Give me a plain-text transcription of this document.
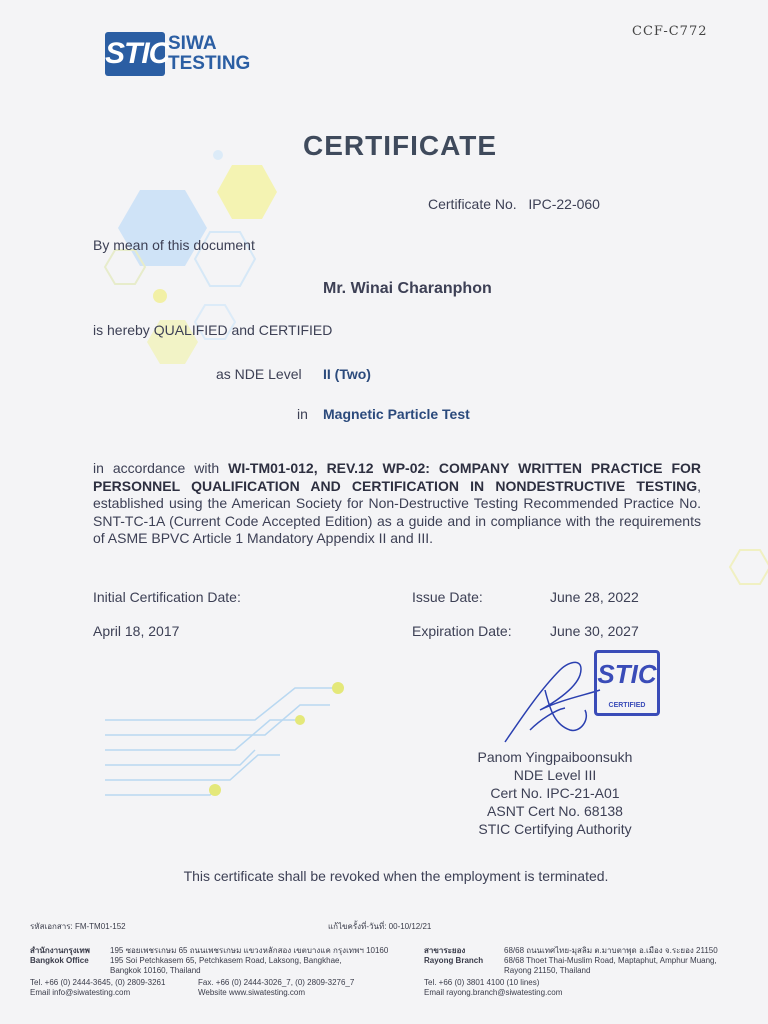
STIC
SIWA
TESTING
CCF-C772
CERTIFICATE
Certificate No. IPC-22-060
By mean of this document
Mr. Winai Charanphon
is hereby QUALIFIED and CERTIFIED
as NDE Level II (Two)
in Magnetic Particle Test
in accordance with WI-TM01-012, REV.12 WP-02: COMPANY WRITTEN PRACTICE FOR PERSONNEL QUALIFICATION AND CERTIFICATION IN NONDESTRUCTIVE TESTING, established using the American Society for Non-Destructive Testing Recommended Practice No. SNT-TC-1A (Current Code Accepted Edition) as a guide and in compliance with the requirements of ASME BPVC Article 1 Mandatory Appendix II and III.
Initial Certification Date:
April 18, 2017
Issue Date:	June 28, 2022
Expiration Date:	June 30, 2027
STIC
CERTIFIED
Panom Yingpaiboonsukh
NDE Level III
Cert No. IPC-21-A01
ASNT Cert No. 68138
STIC Certifying Authority
This certificate shall be revoked when the employment is terminated.
รหัสเอกสาร: FM-TM01-152	แก้ไขครั้งที่-วันที่: 00-10/12/21
สำนักงานกรุงเทพ
Bangkok Office
195 ซอยเพชรเกษม 65 ถนนเพชรเกษม แขวงหลักสอง เขตบางแค กรุงเทพฯ 10160
195 Soi Petchkasem 65, Petchkasem Road, Laksong, Bangkhae,
Bangkok 10160, Thailand
Tel. +66 (0) 2444-3645, (0) 2809-3261
Email info@siwatesting.com
Fax. +66 (0) 2444-3026_7, (0) 2809-3276_7
Website www.siwatesting.com
สาขาระยอง
Rayong Branch
68/68 ถนนเทศไทย-มุสลิม ต.มาบตาพุด อ.เมือง จ.ระยอง 21150
68/68 Thoet Thai-Muslim Road, Maptaphut, Amphur Muang,
Rayong 21150, Thailand
Tel. +66 (0) 3801 4100 (10 lines)
Email rayong.branch@siwatesting.com
